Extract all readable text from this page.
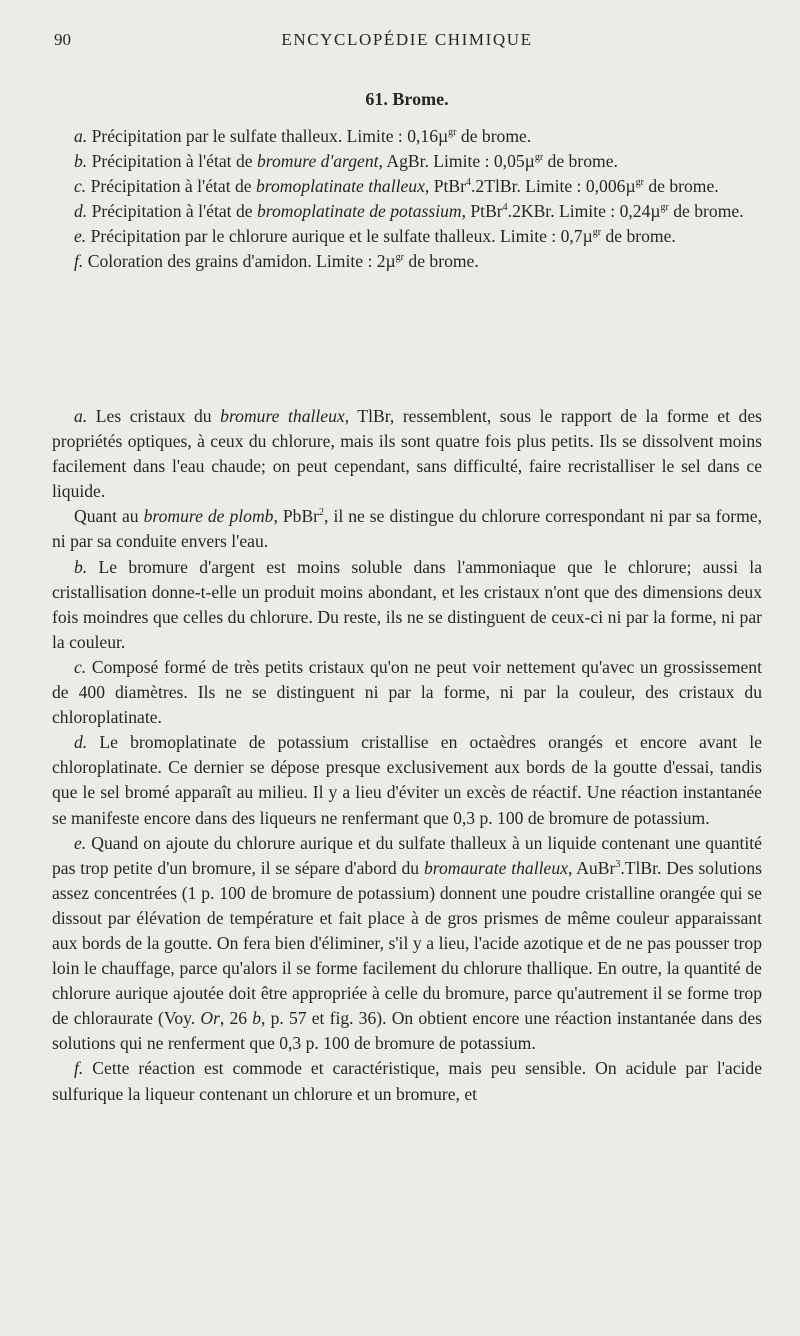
90	ENCYCLOPÉDIE CHIMIQUE
61. Brome.

a. Précipitation par le sulfate thalleux. Limite : 0,16µ$^{gr}$ de brome.

b. Précipitation à l'état de bromure d'argent, AgBr. Limite : 0,05µ$^{gr}$ de brome.

c. Précipitation à l'état de bromoplatinate thalleux, PtBr$^4$.2TlBr. Limite : 0,006µ$^{gr}$ de brome.

d. Précipitation à l'état de bromoplatinate de potassium, PtBr$^4$.2KBr. Limite : 0,24µ$^{gr}$ de brome.

e. Précipitation par le chlorure aurique et le sulfate thalleux. Limite : 0,7µ$^{gr}$ de brome.

f. Coloration des grains d'amidon. Limite : 2µ$^{gr}$ de brome.

a. Les cristaux du bromure thalleux, TlBr, ressemblent, sous le rapport de la forme et des propriétés optiques, à ceux du chlorure, mais ils sont quatre fois plus petits. Ils se dissolvent moins facilement dans l'eau chaude; on peut cependant, sans difficulté, faire recristalliser le sel dans ce liquide.

Quant au bromure de plomb, PbBr$^2$, il ne se distingue du chlorure correspondant ni par sa forme, ni par sa conduite envers l'eau.

b. Le bromure d'argent est moins soluble dans l'ammoniaque que le chlorure; aussi la cristallisation donne-t-elle un produit moins abondant, et les cristaux n'ont que des dimensions deux fois moindres que celles du chlorure. Du reste, ils ne se distinguent de ceux-ci ni par la forme, ni par la couleur.

c. Composé formé de très petits cristaux qu'on ne peut voir nettement qu'avec un grossissement de 400 diamètres. Ils ne se distinguent ni par la forme, ni par la couleur, des cristaux du chloroplatinate.

d. Le bromoplatinate de potassium cristallise en octaèdres orangés et encore avant le chloroplatinate. Ce dernier se dépose presque exclusivement aux bords de la goutte d'essai, tandis que le sel bromé apparaît au milieu. Il y a lieu d'éviter un excès de réactif. Une réaction instantanée se manifeste encore dans des liqueurs ne renfermant que 0,3 p. 100 de bromure de potassium.

e. Quand on ajoute du chlorure aurique et du sulfate thalleux à un liquide contenant une quantité pas trop petite d'un bromure, il se sépare d'abord du bromaurate thalleux, AuBr$^3$.TlBr. Des solutions assez concentrées (1 p. 100 de bromure de potassium) donnent une poudre cristalline orangée qui se dissout par élévation de température et fait place à de gros prismes de même couleur apparaissant aux bords de la goutte. On fera bien d'éliminer, s'il y a lieu, l'acide azotique et de ne pas pousser trop loin le chauffage, parce qu'alors il se forme facilement du chlorure thallique. En outre, la quantité de chlorure aurique ajoutée doit être appropriée à celle du bromure, parce qu'autrement il se forme trop de chloraurate (Voy. Or, 26 b, p. 57 et fig. 36). On obtient encore une réaction instantanée dans des solutions qui ne renferment que 0,3 p. 100 de bromure de potassium.

f. Cette réaction est commode et caractéristique, mais peu sensible. On acidule par l'acide sulfurique la liqueur contenant un chlorure et un bromure, et
